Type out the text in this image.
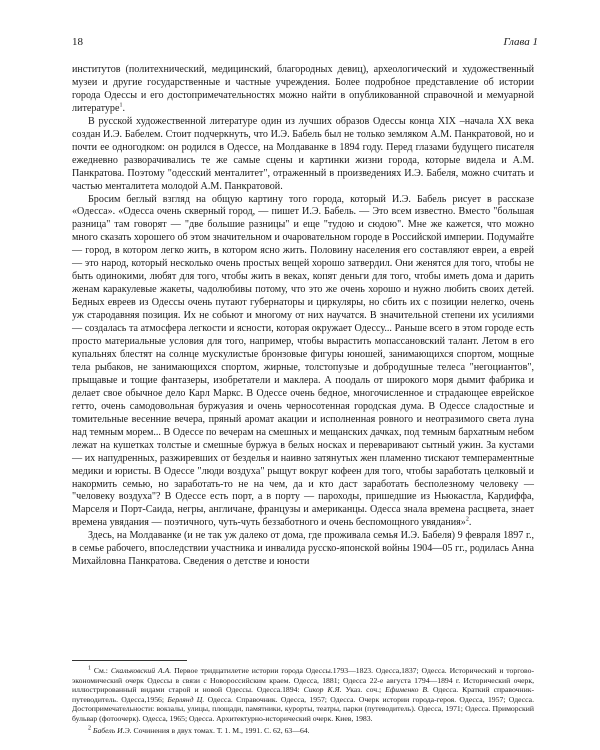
18	Глава 1

институтов (политехнический, медицинский, благородных девиц), археологический и художественный музеи и другие государственные и частные учреждения. Более подробное представление об истории города Одессы и его достопримечательностях можно найти в опубликованной справочной и мемуарной литературе$^1$.

В русской художественной литературе один из лучших образов Одессы конца XIX –начала XX века создан И.Э. Бабелем. Стоит подчеркнуть, что И.Э. Бабель был не только земляком А.М. Панкратовой, но и почти ее одногодком: он родился в Одессе, на Молдаванке в 1894 году. Перед глазами будущего писателя ежедневно разворачивались те же самые сцены и картинки жизни города, которые видела и А.М. Панкратова. Поэтому "одесский менталитет", отраженный в произведениях И.Э. Бабеля, можно считать и частью менталитета молодой А.М. Панкратовой.

Бросим беглый взгляд на общую картину того города, который И.Э. Бабель рисует в рассказе «Одесса». «Одесса очень скверный город, — пишет И.Э. Бабель. — Это всем известно. Вместо "большая разница" там говорят — "две большие разницы" и еще "тудою и сюдою". Мне же кажется, что можно много сказать хорошего об этом значительном и очаровательном городе в Российской империи. Подумайте — город, в котором легко жить, в котором ясно жить. Половину населения его составляют евреи, а еврей — это народ, который несколько очень простых вещей хорошо затвердил. Они женятся для того, чтобы не быть одинокими, любят для того, чтобы жить в веках, копят деньги для того, чтобы иметь дома и дарить женам каракулевые жакеты, чадолюбивы потому, что это же очень хорошо и нужно любить своих детей. Бедных евреев из Одессы очень путают губернаторы и циркуляры, но сбить их с позиции нелегко, очень уж стародавняя позиция. Их не собьют и многому от них научатся. В значительной степени их усилиями — создалась та атмосфера легкости и ясности, которая окружает Одессу... Раньше всего в этом городе есть просто материальные условия для того, например, чтобы вырастить мопассановский талант. Летом в его купальнях блестят на солнце мускулистые бронзовые фигуры юношей, занимающихся спортом, мощные тела рыбаков, не занимающихся спортом, жирные, толстопузые и добродушные телеса "негоциантов", прыщавые и тощие фантазеры, изобретатели и маклера. А поодаль от широкого моря дымит фабрика и делает свое обычное дело Карл Маркс. В Одессе очень бедное, многочисленное и страдающее еврейское гетто, очень самодовольная буржуазия и очень черносотенная городская дума. В Одессе сладостные и томительные весенние вечера, пряный аромат акации и исполненная ровного и неотразимого света луна над темным морем... В Одессе по вечерам на смешных и мещанских дачках, под темным бархатным небом лежат на кушетках толстые и смешные буржуа в белых носках и переваривают сытный ужин. За кустами — их напудренных, разжиревших от безделья и наивно затянутых жен пламенно тискают темпераментные медики и юристы. В Одессе "люди воздуха" рыщут вокруг кофеен для того, чтобы заработать целковый и накормить семью, но заработать-то не на чем, да и кто даст заработать бесполезному человеку — "человеку воздуха"? В Одессе есть порт, а в порту — пароходы, пришедшие из Ньюкастла, Кардиффа, Марселя и Порт-Саида, негры, англичане, французы и американцы. Одесса знала времена расцвета, знает времена увядания — поэтичного, чуть-чуть беззаботного и очень беспомощного увядания»$^2$.

Здесь, на Молдаванке (и не так уж далеко от дома, где проживала семья И.Э. Бабеля) 9 февраля 1897 г., в семье рабочего, впоследствии участника и инвалида русско-японской войны 1904—05 гг., родилась Анна Михайловна Панкратова. Сведения о детстве и юности

$^1$ См.: Скальковский А.А. Первое тридцатилетие истории города Одессы.1793—1823. Одесса,1837; Одесса. Исторический и торгово-экономический очерк Одессы в связи с Новороссийским краем. Одесса, 1881; Одесса 22-е августа 1794—1894 г. Исторический очерк, иллюстрированный видами старой и новой Одессы. Одесса.1894: Сикор К.Я. Указ. соч.; Ефименко В. Одесса. Краткий справочник-путеводитель. Одесса,1956; Берлянд Ц. Одесса. Справочник. Одесса, 1957; Одесса. Очерк истории города-героя. Одесса, 1957; Одесса. Достопримечательности: вокзалы, улицы, площади, памятники, курорты, театры, парки (путеводитель). Одесса, 1971; Одесса. Приморский бульвар (фотоочерк). Одесса, 1965; Одесса. Архитектурно-исторический очерк. Киев, 1983.

$^2$ Бабель И.Э. Сочинения в двух томах. Т. 1. М., 1991. С. 62, 63—64.
